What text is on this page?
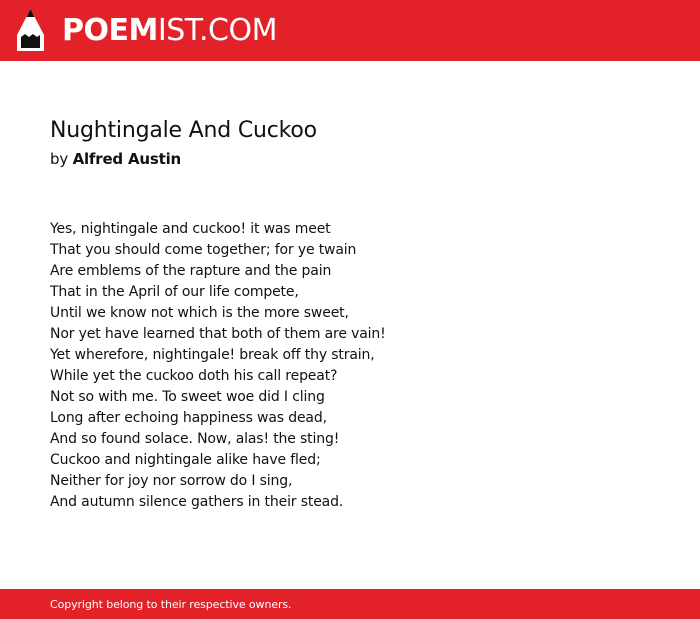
POEMIST.COM
Nughtingale And Cuckoo
by Alfred Austin
Yes, nightingale and cuckoo! it was meet
That you should come together; for ye twain
Are emblems of the rapture and the pain
That in the April of our life compete,
Until we know not which is the more sweet,
Nor yet have learned that both of them are vain!
Yet wherefore, nightingale! break off thy strain,
While yet the cuckoo doth his call repeat?
Not so with me. To sweet woe did I cling
Long after echoing happiness was dead,
And so found solace. Now, alas! the sting!
Cuckoo and nightingale alike have fled;
Neither for joy nor sorrow do I sing,
And autumn silence gathers in their stead.
Copyright belong to their respective owners.
